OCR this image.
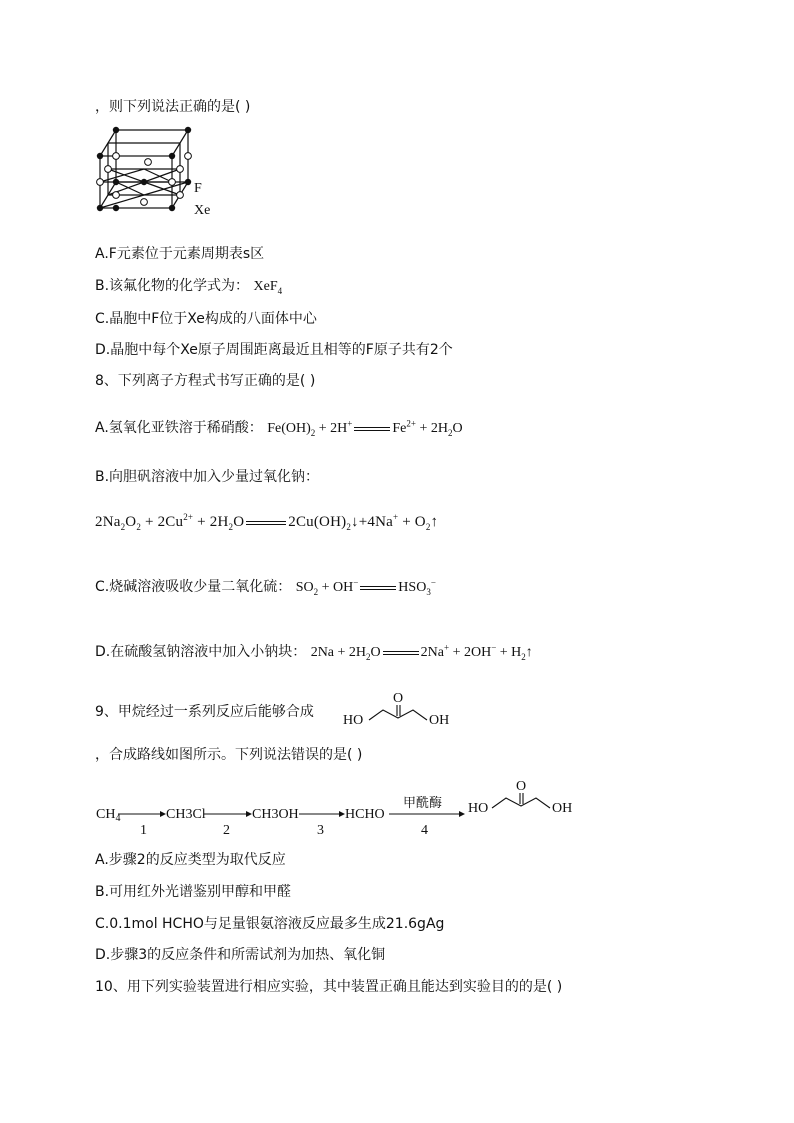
，则下列说法正确的是( )
F
Xe
A.F元素位于元素周期表s区
B.该氟化物的化学式为： XeF$_4$
C.晶胞中F位于Xe构成的八面体中心
D.晶胞中每个Xe原子周围距离最近且相等的F原子共有2个
8、下列离子方程式书写正确的是( )
A.氢氧化亚铁溶于稀硝酸： $Fe(OH)_2 + 2H^+$	$Fe^{2+} + 2H_2O$
B.向胆矾溶液中加入少量过氧化钠：
$2Na_2O_2 + 2Cu^{2+} + 2H_2O$	$2Cu(OH)_2↓+4Na^+$ + $O_2↑$
C.烧碱溶液吸收少量二氧化硫： $SO_2 + OH^-$	$HSO_3^-$
D.在硫酸氢钠溶液中加入小钠块： $2Na + 2H_2O$	$2Na^+ + 2OH^- + H_2↑$
9、甲烷经过一系列反应后能够合成
O
HO	OH
，合成路线如图所示。下列说法错误的是( )
$CH_4$	CH3Cl	CH3OH	HCHO
1	2	3	4
甲酰酶
O
HO	OH
A.步骤2的反应类型为取代反应
B.可用红外光谱鉴别甲醇和甲醛
C.0.1mol HCHO与足量银氨溶液反应最多生成21.6gAg
D.步骤3的反应条件和所需试剂为加热、氧化铜
10、用下列实验装置进行相应实验，其中装置正确且能达到实验目的的是( )
